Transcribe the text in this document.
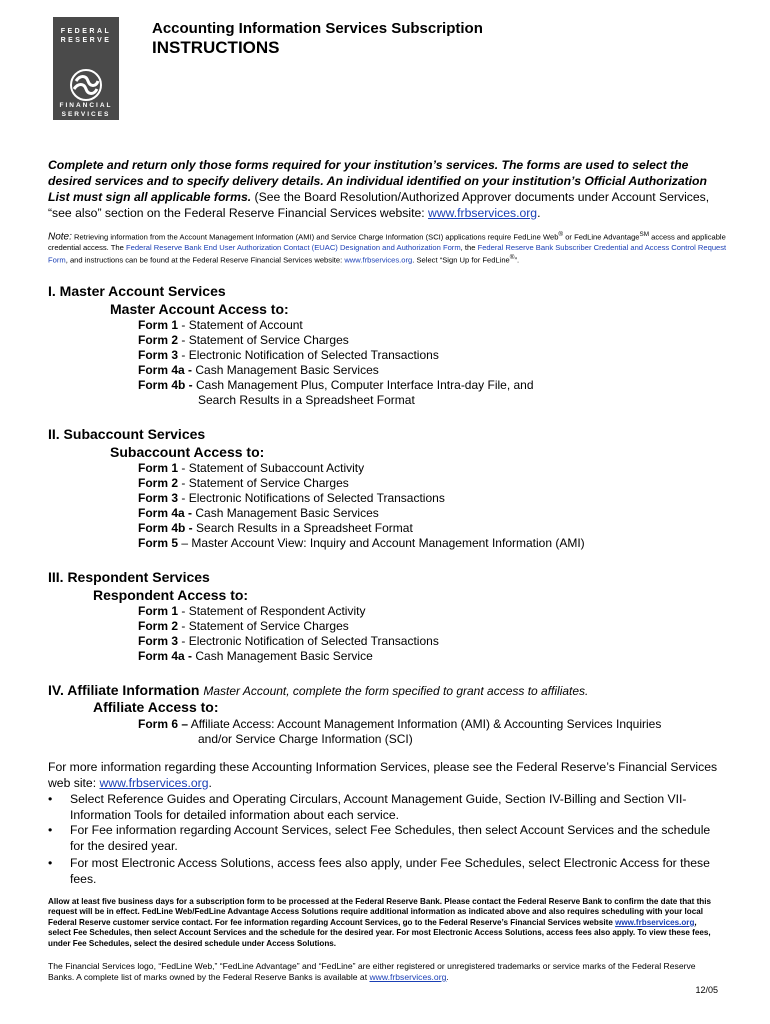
FEDERAL
RESERVE
FINANCIAL
SERVICES
Accounting Information Services Subscription
INSTRUCTIONS
Complete and return only those forms required for your institution’s services. The forms are used to select the desired services and to specify delivery details. An individual identified on your institution’s Official Authorization List must sign all applicable forms. (See the Board Resolution/Authorized Approver documents under Account Services, “see also” section on the Federal Reserve Financial Services website: www.frbservices.org.
Note: Retrieving information from the Account Management Information (AMI) and Service Charge Information (SCI) applications require FedLine Web® or FedLine Advantage℠ access and applicable credential access. The Federal Reserve Bank End User Authorization Contact (EUAC) Designation and Authorization Form, the Federal Reserve Bank Subscriber Credential and Access Control Request Form, and instructions can be found at the Federal Reserve Financial Services website: www.frbservices.org. Select “Sign Up for FedLine®”.
I. Master Account Services
Master Account Access to:
Form 1 - Statement of Account
Form 2 - Statement of Service Charges
Form 3 - Electronic Notification of Selected Transactions
Form 4a - Cash Management Basic Services
Form 4b - Cash Management Plus, Computer Interface Intra-day File, and
Search Results in a Spreadsheet Format
II. Subaccount Services
Subaccount Access to:
Form 1 - Statement of Subaccount Activity
Form 2 - Statement of Service Charges
Form 3 - Electronic Notifications of Selected Transactions
Form 4a - Cash Management Basic Services
Form 4b - Search Results in a Spreadsheet Format
Form 5 – Master Account View: Inquiry and Account Management Information (AMI)
III. Respondent Services
Respondent Access to:
Form 1 - Statement of Respondent Activity
Form 2 - Statement of Service Charges
Form 3 - Electronic Notification of Selected Transactions
Form 4a - Cash Management Basic Service
IV. Affiliate Information Master Account, complete the form specified to grant access to affiliates.
Affiliate Access to:
Form 6 – Affiliate Access: Account Management Information (AMI) & Accounting Services Inquiries
and/or Service Charge Information (SCI)
For more information regarding these Accounting Information Services, please see the Federal Reserve’s Financial Services web site: www.frbservices.org.
• Select Reference Guides and Operating Circulars, Account Management Guide, Section IV-Billing and Section VII-Information Tools for detailed information about each service.
• For Fee information regarding Account Services, select Fee Schedules, then select Account Services and the schedule for the desired year.
• For most Electronic Access Solutions, access fees also apply, under Fee Schedules, select Electronic Access for these fees.
Allow at least five business days for a subscription form to be processed at the Federal Reserve Bank. Please contact the Federal Reserve Bank to confirm the date that this request will be in effect. FedLine Web/FedLine Advantage Access Solutions require additional information as indicated above and also requires scheduling with your local Federal Reserve customer service contact. For fee information regarding Account Services, go to the Federal Reserve’s Financial Services website www.frbservices.org, select Fee Schedules, then select Account Services and the schedule for the desired year. For most Electronic Access Solutions, access fees also apply. To view these fees, under Fee Schedules, select the desired schedule under Access Solutions.
The Financial Services logo, “FedLine Web,” “FedLine Advantage” and “FedLine” are either registered or unregistered trademarks or service marks of the Federal Reserve Banks. A complete list of marks owned by the Federal Reserve Banks is available at www.frbservices.org.
12/05
